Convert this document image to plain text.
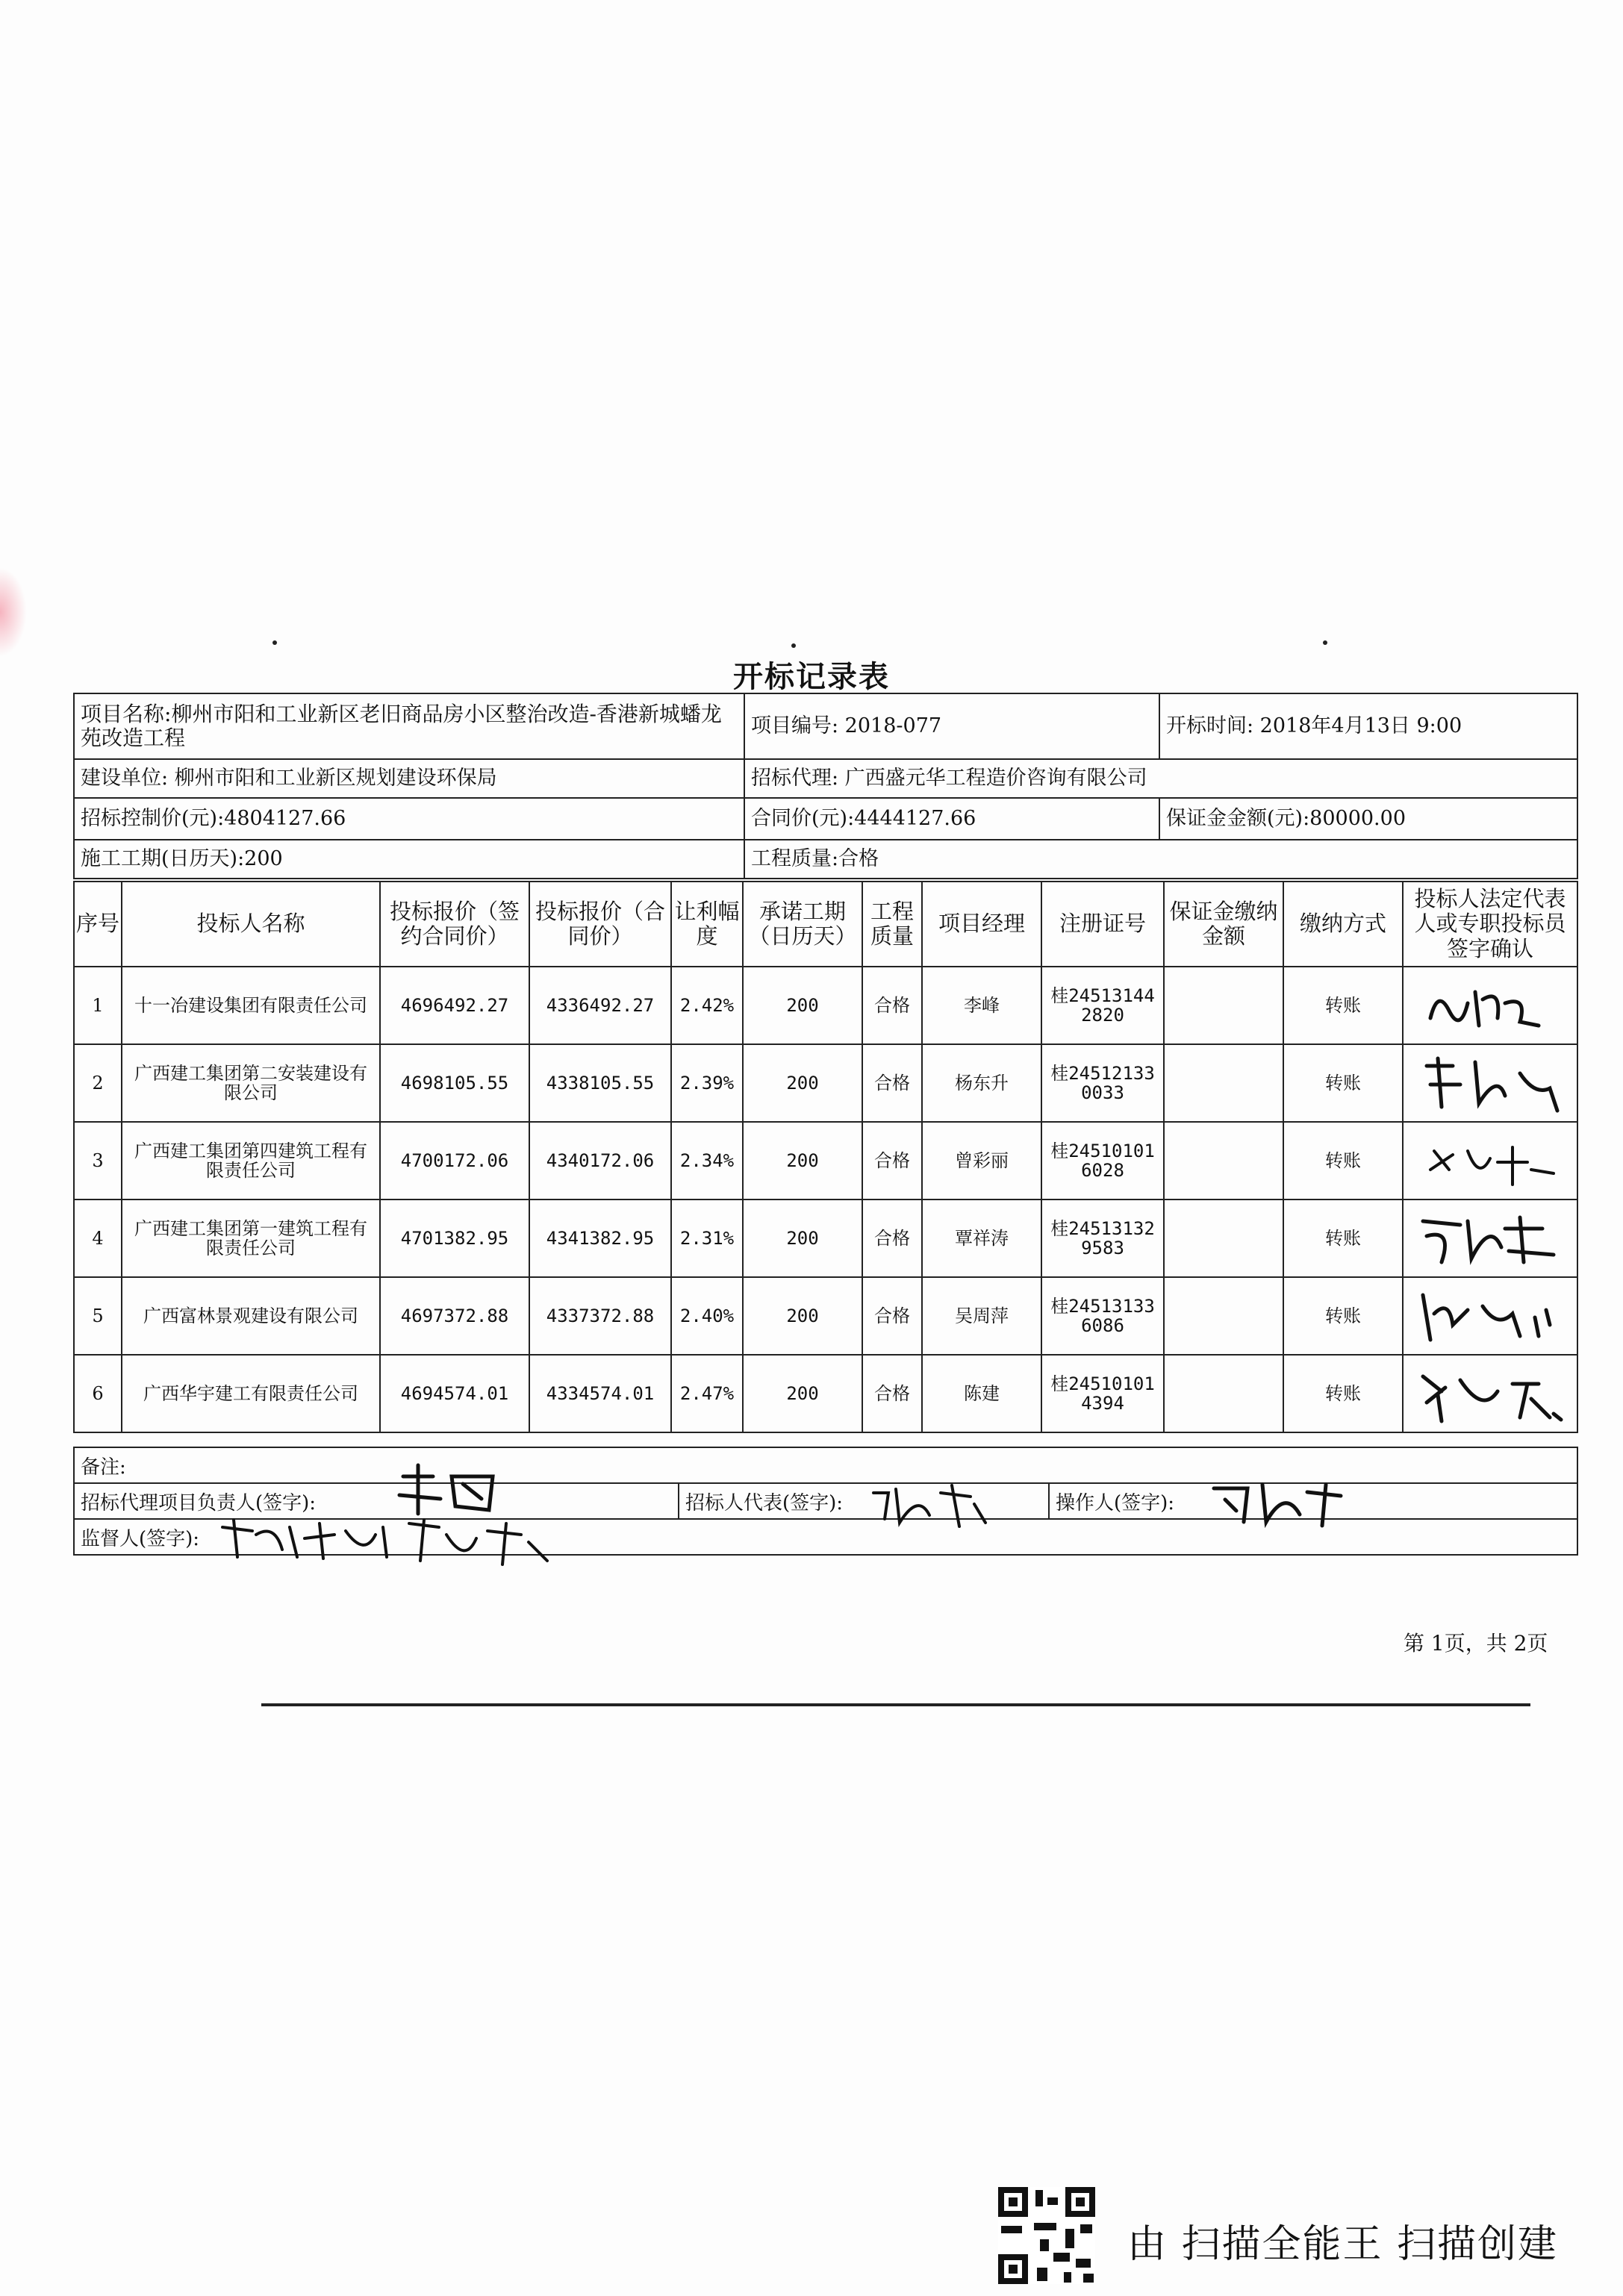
开标记录表
项目名称:柳州市阳和工业新区老旧商品房小区整治改造-香港新城蟠龙苑改造工程	项目编号: 2018-077	开标时间: 2018年4月13日 9:00
建设单位: 柳州市阳和工业新区规划建设环保局	招标代理: 广西盛元华工程造价咨询有限公司	
招标控制价(元):4804127.66	合同价(元):4444127.66	保证金金额(元):80000.00
施工工期(日历天):200	工程质量:合格	
序号	投标人名称	投标报价（签约合同价）	投标报价（合同价）	让利幅度	承诺工期（日历天）	工程质量	项目经理	注册证号	保证金缴纳金额	缴纳方式	投标人法定代表人或专职投标员签字确认
1	十一冶建设集团有限责任公司	4696492.27	4336492.27	2.42%	200	合格	李峰	桂245131442820		转账	

2	广西建工集团第二安装建设有限公司	4698105.55	4338105.55	2.39%	200	合格	杨东升	桂245121330033		转账	

3	广西建工集团第四建筑工程有限责任公司	4700172.06	4340172.06	2.34%	200	合格	曾彩丽	桂245101016028		转账	

4	广西建工集团第一建筑工程有限责任公司	4701382.95	4341382.95	2.31%	200	合格	覃祥涛	桂245131329583		转账	

5	广西富林景观建设有限公司	4697372.88	4337372.88	2.40%	200	合格	吴周萍	桂245131336086		转账	

6	广西华宇建工有限责任公司	4694574.01	4334574.01	2.47%	200	合格	陈建	桂245101014394		转账	
备注:
招标代理项目负责人(签字):	招标人代表(签字):	操作人(签字):

监督人(签字):
第 1页，共 2页
由 扫描全能王 扫描创建
